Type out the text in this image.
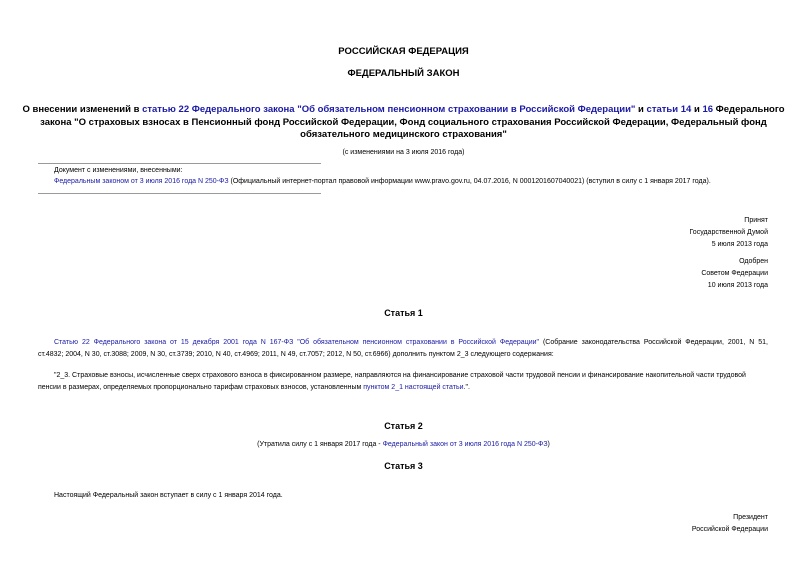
РОССИЙСКАЯ ФЕДЕРАЦИЯ
ФЕДЕРАЛЬНЫЙ ЗАКОН
О внесении изменений в статью 22 Федерального закона "Об обязательном пенсионном страховании в Российской Федерации" и статьи 14 и 16 Федерального
закона "О страховых взносах в Пенсионный фонд Российской Федерации, Фонд социального страхования Российской Федерации, Федеральный фонд
обязательного медицинского страхования"
(с изменениями на 3 июля 2016 года)
Документ с изменениями, внесенными:
Федеральным законом от 3 июля 2016 года N 250-ФЗ (Официальный интернет-портал правовой информации www.pravo.gov.ru, 04.07.2016, N 0001201607040021) (вступил в силу с 1 января 2017 года).
Принят
Государственной Думой
5 июля 2013 года
Одобрен
Советом Федерации
10 июля 2013 года
Статья 1
Статью 22 Федерального закона от 15 декабря 2001 года N 167-ФЗ "Об обязательном пенсионном страховании в Российской Федерации" (Собрание законодательства Российской Федерации, 2001, N 51,
ст.4832; 2004, N 30, ст.3088; 2009, N 30, ст.3739; 2010, N 40, ст.4969; 2011, N 49, ст.7057; 2012, N 50, ст.6966) дополнить пунктом 2_3 следующего содержания:
"2_3. Страховые взносы, исчисленные сверх страхового взноса в фиксированном размере, направляются на финансирование страховой части трудовой пенсии и финансирование накопительной части трудовой
пенсии в размерах, определяемых пропорционально тарифам страховых взносов, установленным пунктом 2_1 настоящей статьи.".
Статья 2
(Утратила силу с 1 января 2017 года - Федеральный закон от 3 июля 2016 года N 250-ФЗ)
Статья 3
Настоящий Федеральный закон вступает в силу с 1 января 2014 года.
Президент
Российской Федерации
